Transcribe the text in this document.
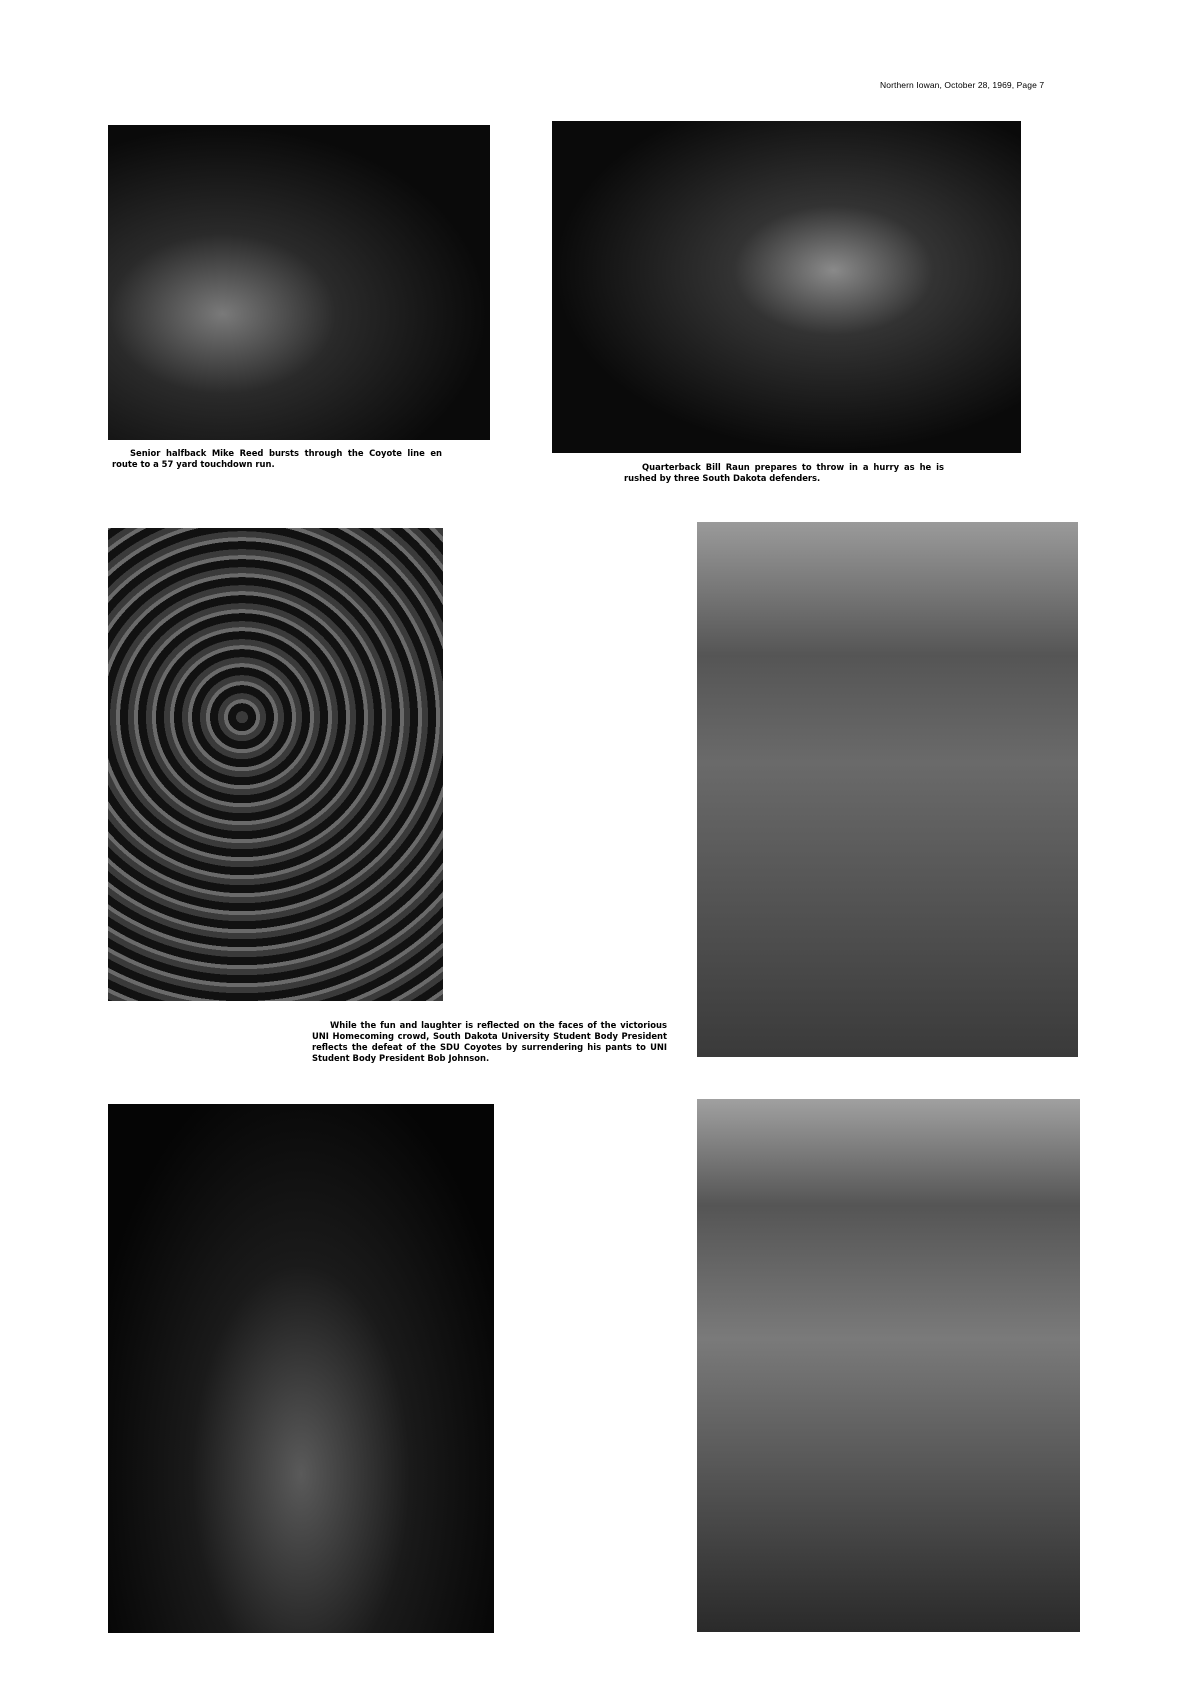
Northern Iowan, October 28, 1969, Page 7
Senior halfback Mike Reed bursts through the Coyote line en route to a 57 yard touchdown run.	Quarterback Bill Raun prepares to throw in a hurry as he is rushed by three South Dakota defenders.
While the fun and laughter is reflected on the faces of the victorious UNI Homecoming crowd, South Dakota University Student Body President reflects the defeat of the SDU Coyotes by surrendering his pants to UNI Student Body President Bob Johnson.
